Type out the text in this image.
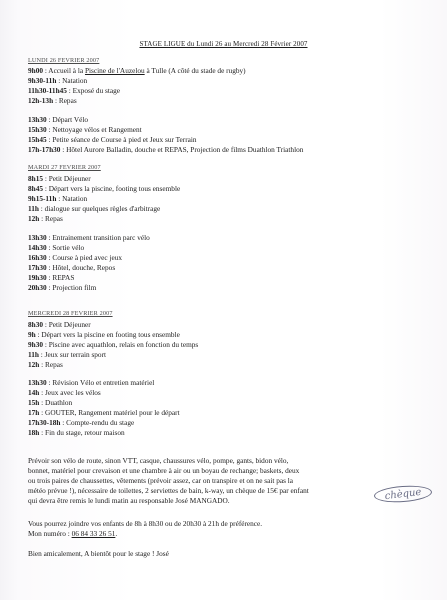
STAGE LIGUE du Lundi 26 au Mercredi 28 Février 2007
LUNDI 26 FEVRIER 2007
9h00 : Accueil à la Piscine de l'Auzelou à Tulle (A côté du stade de rugby)
9h30-11h : Natation
11h30-11h45 : Exposé du stage
12h-13h : Repas
13h30 : Départ Vélo
15h30 : Nettoyage vélos et Rangement
15h45 : Petite séance de Course à pied et Jeux sur Terrain
17h-17h30 : Hôtel Aurore Balladin, douche et REPAS, Projection de films Duathlon Triathlon
MARDI 27 FEVRIER 2007
8h15 : Petit Déjeuner
8h45 : Départ vers la piscine, footing tous ensemble
9h15-11h : Natation
11h : dialogue sur quelques règles d'arbitrage
12h : Repas
13h30 : Entrainement transition parc vélo
14h30 : Sortie vélo
16h30 : Course à pied avec jeux
17h30 : Hôtel, douche, Repos
19h30 : REPAS
20h30 : Projection film
MERCREDI 28 FEVRIER 2007
8h30 : Petit Déjeuner
9h : Départ vers la piscine en footing tous ensemble
9h30 : Piscine avec aquathlon, relais en fonction du temps
11h : Jeux sur terrain sport
12h : Repas
13h30 : Révision Vélo et entretien matériel
14h : Jeux avec les vélos
15h : Duathlon
17h : GOUTER, Rangement matériel pour le départ
17h30-18h : Compte-rendu du stage
18h : Fin du stage, retour maison
Prévoir son vélo de route, sinon VTT, casque, chaussures vélo, pompe, gants, bidon vélo,
bonnet, matériel pour crevaison et une chambre à air ou un boyau de rechange; baskets, deux
ou trois paires de chaussettes, vêtements (prévoir assez, car on transpire et on ne sait pas la
météo prévue !), nécessaire de toilettes, 2 serviettes de bain, k-way, un chèque de 15€ par enfant
qui devra être remis le lundi matin au responsable José MANGADO.	chèque
Vous pourrez joindre vos enfants de 8h à 8h30 ou de 20h30 à 21h de préférence.
Mon numéro : 06 84 33 26 51.
Bien amicalement, A bientôt pour le stage ! José
